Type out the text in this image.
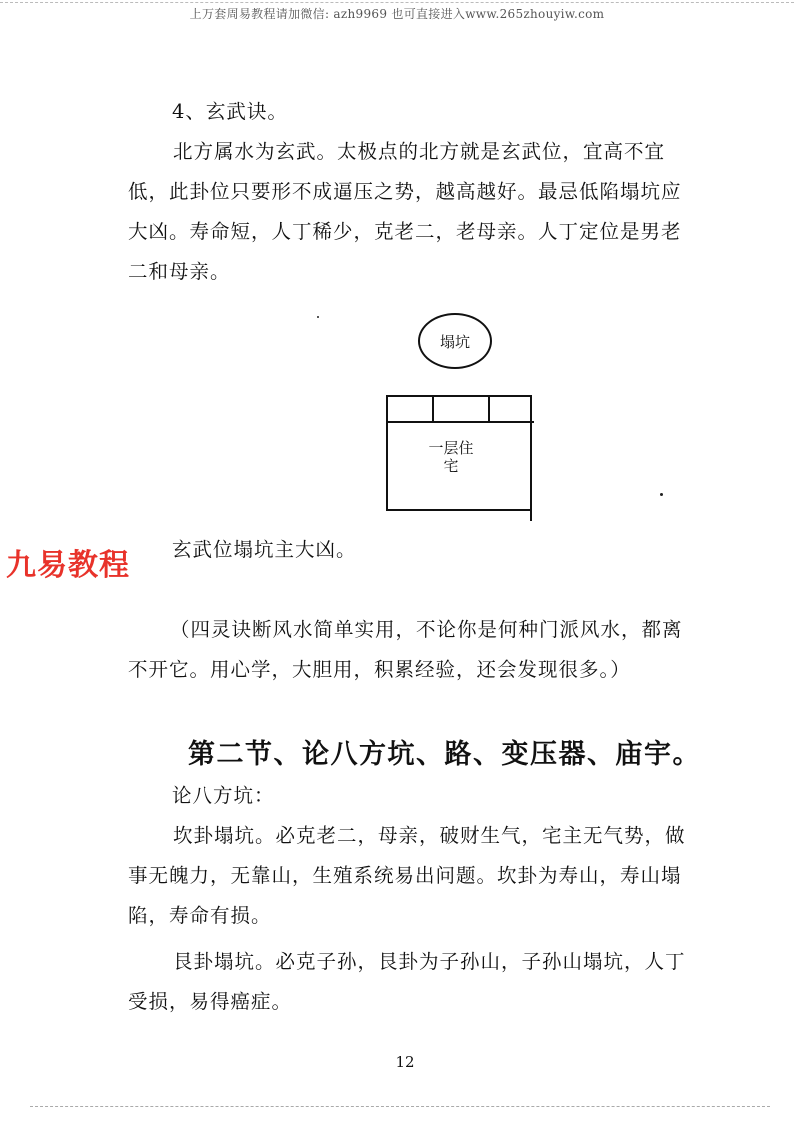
上万套周易教程请加微信: azh9969 也可直接进入www.265zhouyiw.com

4、玄武诀。

北方属水为玄武。太极点的北方就是玄武位，宜高不宜低，此卦位只要形不成逼压之势，越高越好。最忌低陷塌坑应大凶。寿命短，人丁稀少，克老二，老母亲。人丁定位是男老二和母亲。

塌坑
一层住宅
九易教程 玄武位塌坑主大凶。

（四灵诀断风水简单实用，不论你是何种门派风水，都离不开它。用心学，大胆用，积累经验，还会发现很多。）

第二节、论八方坑、路、变压器、庙宇。

论八方坑：

坎卦塌坑。必克老二，母亲，破财生气，宅主无气势，做事无魄力，无靠山，生殖系统易出问题。坎卦为寿山，寿山塌陷，寿命有损。

艮卦塌坑。必克子孙，艮卦为子孙山，子孙山塌坑，人丁受损，易得癌症。

12
